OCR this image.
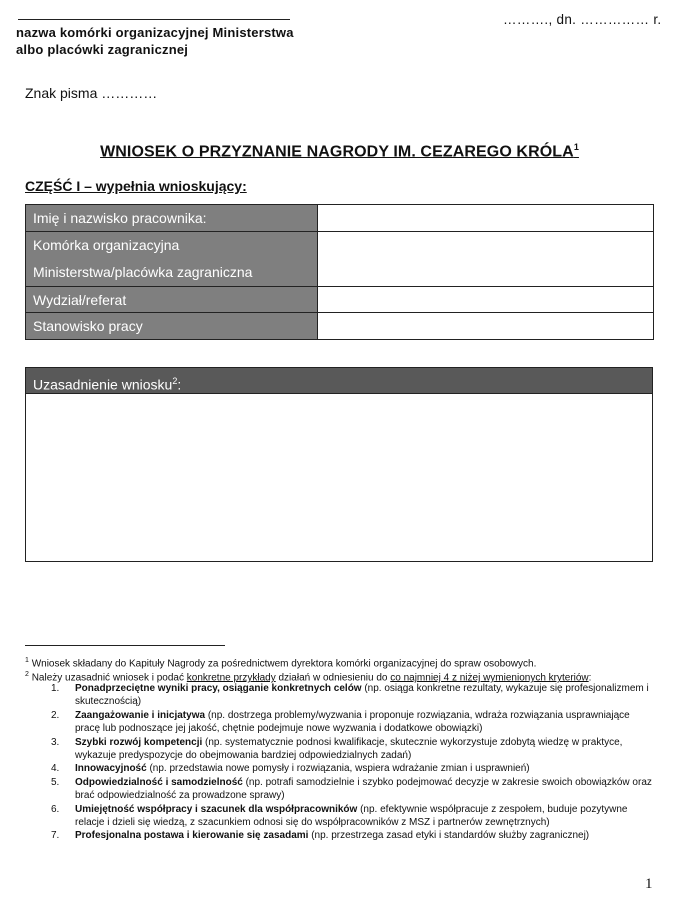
nazwa komórki organizacyjnej Ministerstwa
albo placówki zagranicznej
………., dn. …………… r.
Znak pisma …………
WNIOSEK O PRZYZNANIE NAGRODY IM. CEZAREGO KRÓLA$^1$
CZĘŚĆ I – wypełnia wnioskujący:
Imię i nazwisko pracownika:	

Komórka organizacyjna
Ministerstwa/placówka zagraniczna	

Wydział/referat	
Stanowisko pracy	
Uzasadnienie wniosku$^2$:
$^1$ Wniosek składany do Kapituły Nagrody za pośrednictwem dyrektora komórki organizacyjnej do spraw osobowych.
$^2$ Należy uzasadnić wniosek i podać konkretne przykłady działań w odniesieniu do co najmniej 4 z niżej wymienionych kryteriów:
1. Ponadprzeciętne wyniki pracy, osiąganie konkretnych celów (np. osiąga konkretne rezultaty, wykazuje się profesjonalizmem i skutecznością)
2. Zaangażowanie i inicjatywa (np. dostrzega problemy/wyzwania i proponuje rozwiązania, wdraża rozwiązania usprawniające pracę lub podnoszące jej jakość, chętnie podejmuje nowe wyzwania i dodatkowe obowiązki)
3. Szybki rozwój kompetencji (np. systematycznie podnosi kwalifikacje, skutecznie wykorzystuje zdobytą wiedzę w praktyce, wykazuje predyspozycje do obejmowania bardziej odpowiedzialnych zadań)
4. Innowacyjność (np. przedstawia nowe pomysły i rozwiązania, wspiera wdrażanie zmian i usprawnień)
5. Odpowiedzialność i samodzielność (np. potrafi samodzielnie i szybko podejmować decyzje w zakresie swoich obowiązków oraz brać odpowiedzialność za prowadzone sprawy)
6. Umiejętność współpracy i szacunek dla współpracowników (np. efektywnie współpracuje z zespołem, buduje pozytywne relacje i dzieli się wiedzą, z szacunkiem odnosi się do współpracowników z MSZ i partnerów zewnętrznych)
7. Profesjonalna postawa i kierowanie się zasadami (np. przestrzega zasad etyki i standardów służby zagranicznej)
1
